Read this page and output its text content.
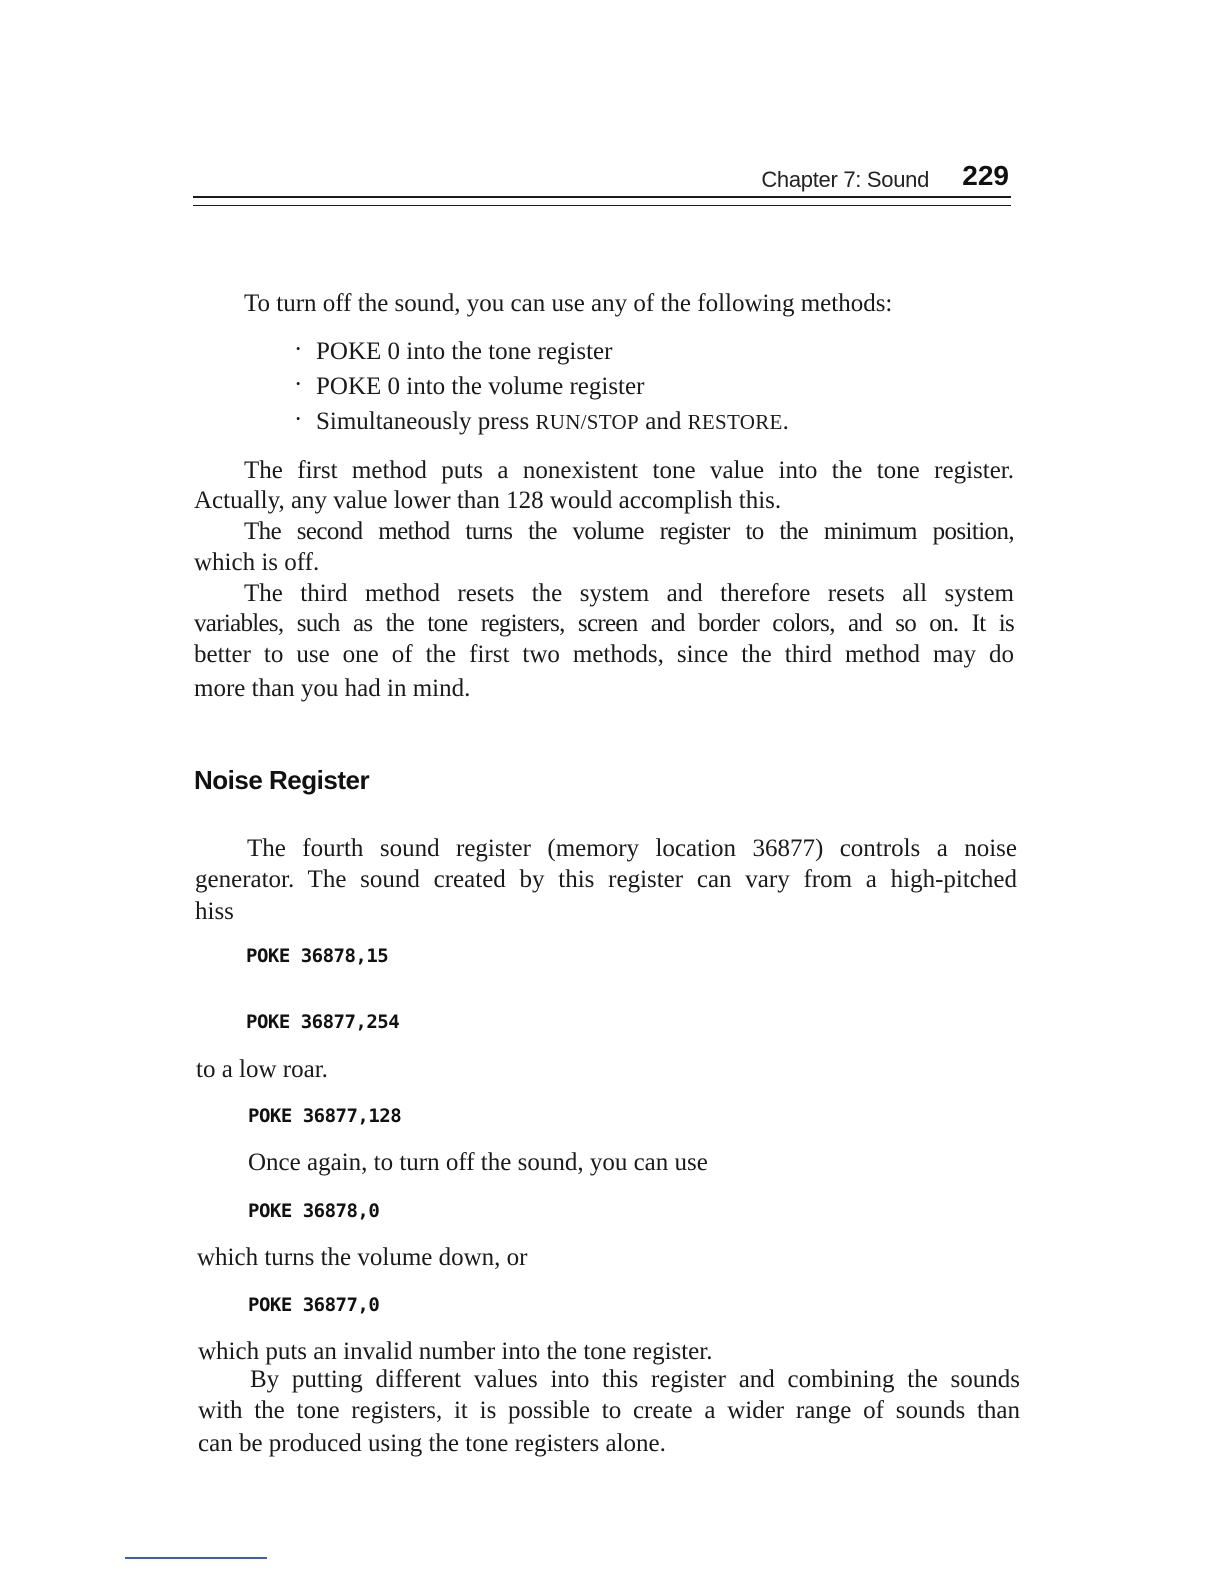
Chapter 7: Sound 229
To turn off the sound, you can use any of the following methods:
· POKE 0 into the tone register
· POKE 0 into the volume register
· Simultaneously press RUN/STOP and RESTORE.
The first method puts a nonexistent tone value into the tone register.
Actually, any value lower than 128 would accomplish this.
The second method turns the volume register to the minimum position,
which is off.
The third method resets the system and therefore resets all system
variables, such as the tone registers, screen and border colors, and so on. It is
better to use one of the first two methods, since the third method may do
more than you had in mind.
Noise Register
The fourth sound register (memory location 36877) controls a noise
generator. The sound created by this register can vary from a high-pitched
hiss
POKE 36878,15
POKE 36877,254
to a low roar.
POKE 36877,128
Once again, to turn off the sound, you can use
POKE 36878,0
which turns the volume down, or
POKE 36877,0
which puts an invalid number into the tone register.
By putting different values into this register and combining the sounds
with the tone registers, it is possible to create a wider range of sounds than
can be produced using the tone registers alone.
